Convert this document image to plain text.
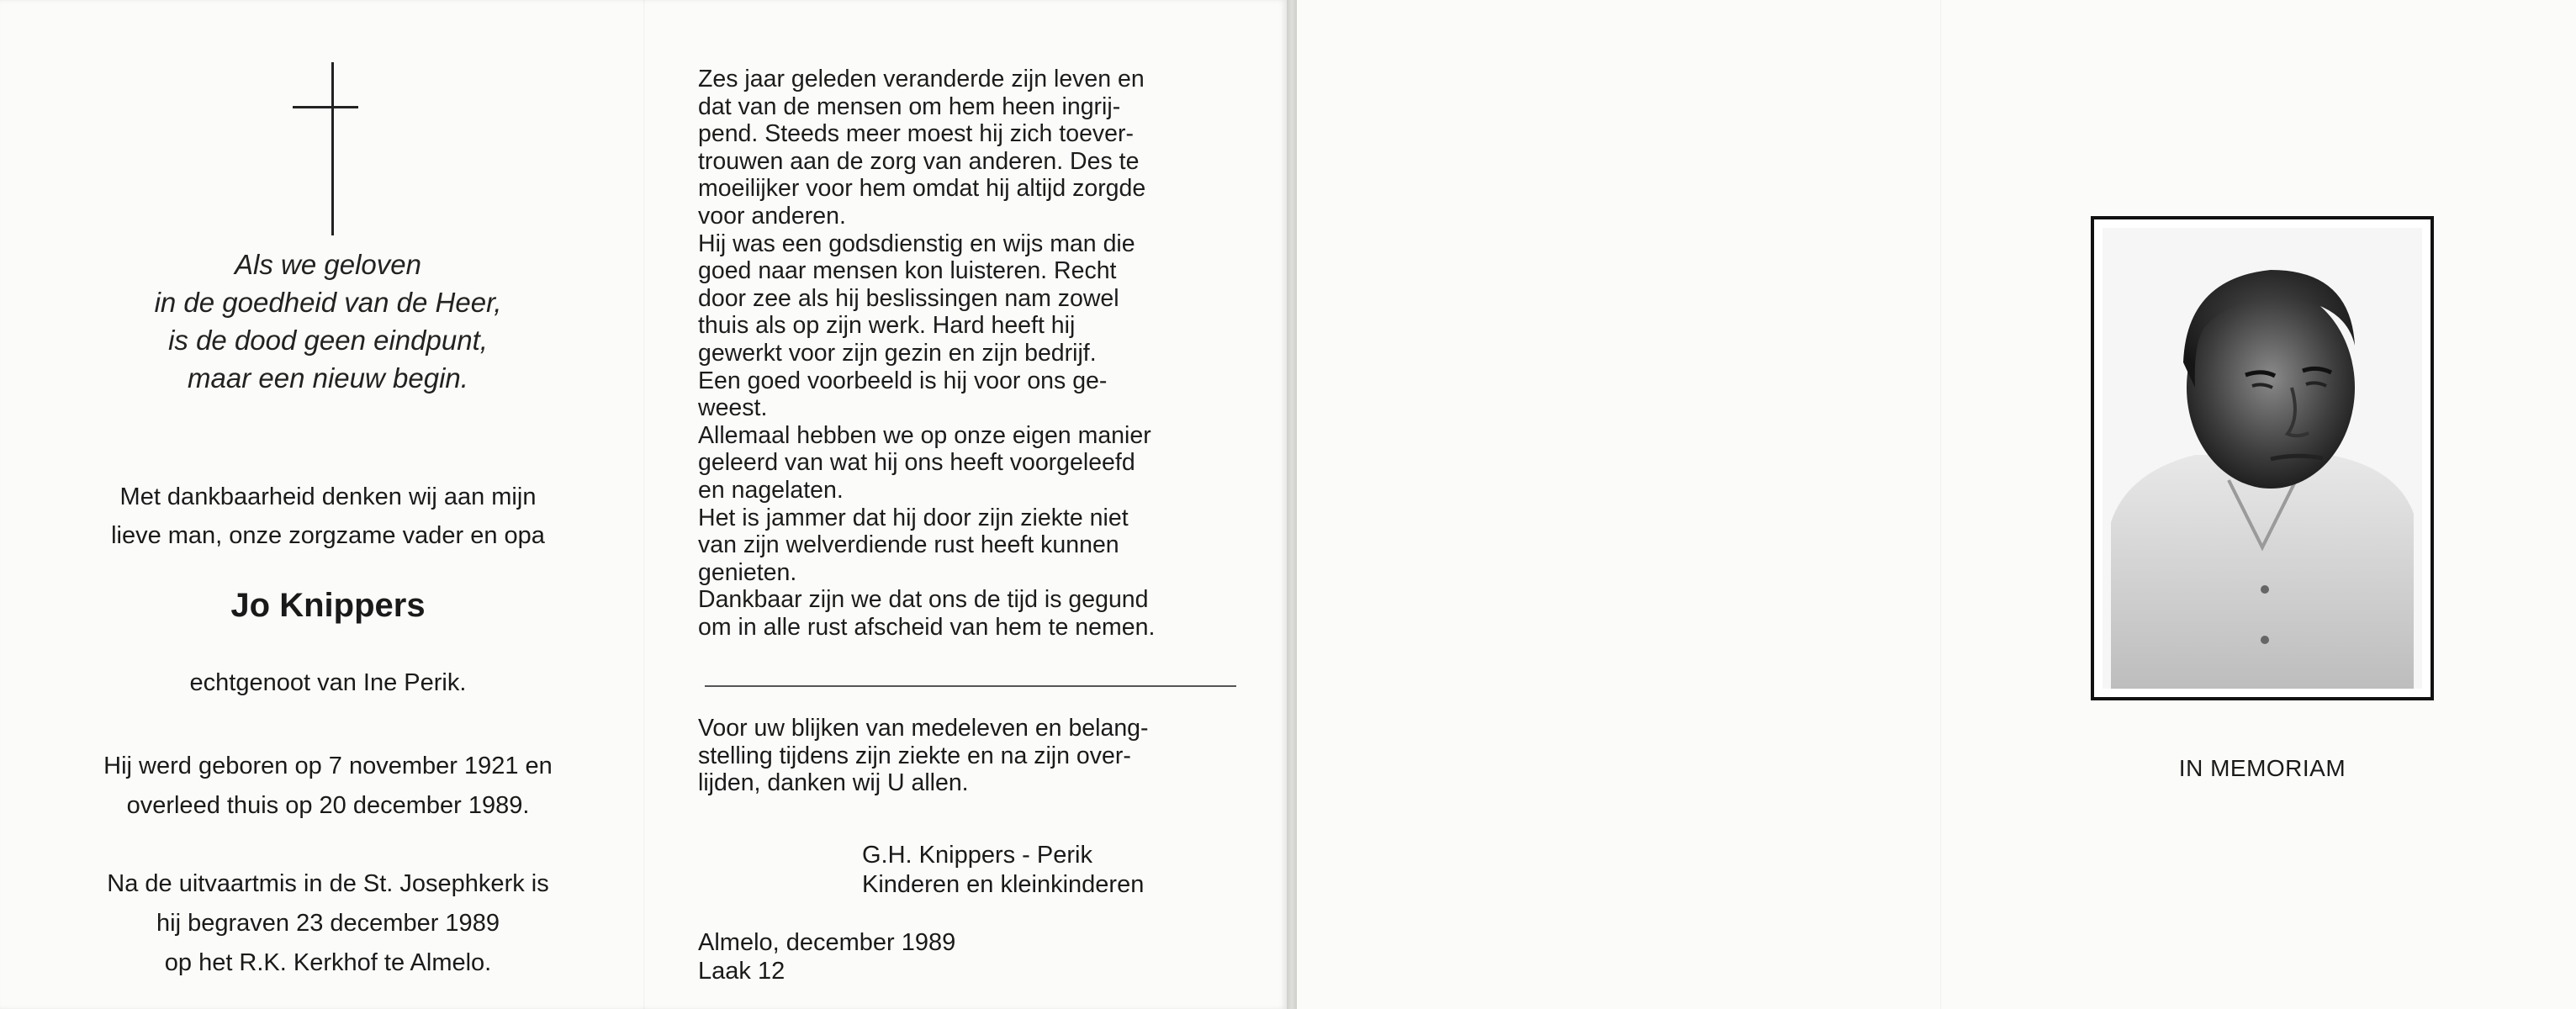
Als we geloven
in de goedheid van de Heer,
is de dood geen eindpunt,
maar een nieuw begin.
Met dankbaarheid denken wij aan mijn
lieve man, onze zorgzame vader en opa
Jo Knippers
echtgenoot van Ine Perik.
Hij werd geboren op 7 november 1921 en
overleed thuis op 20 december 1989.
Na de uitvaartmis in de St. Josephkerk is
hij begraven 23 december 1989
op het R.K. Kerkhof te Almelo.
Zes jaar geleden veranderde zijn leven en
dat van de mensen om hem heen ingrij-
pend. Steeds meer moest hij zich toever-
trouwen aan de zorg van anderen. Des te
moeilijker voor hem omdat hij altijd zorgde
voor anderen.
Hij was een godsdienstig en wijs man die
goed naar mensen kon luisteren. Recht
door zee als hij beslissingen nam zowel
thuis als op zijn werk. Hard heeft hij
gewerkt voor zijn gezin en zijn bedrijf.
Een goed voorbeeld is hij voor ons ge-
weest.
Allemaal hebben we op onze eigen manier
geleerd van wat hij ons heeft voorgeleefd
en nagelaten.
Het is jammer dat hij door zijn ziekte niet
van zijn welverdiende rust heeft kunnen
genieten.
Dankbaar zijn we dat ons de tijd is gegund
om in alle rust afscheid van hem te nemen.
Voor uw blijken van medeleven en belang-
stelling tijdens zijn ziekte en na zijn over-
lijden, danken wij U allen.
G.H. Knippers - Perik
Kinderen en kleinkinderen
Almelo, december 1989
Laak 12
IN MEMORIAM
